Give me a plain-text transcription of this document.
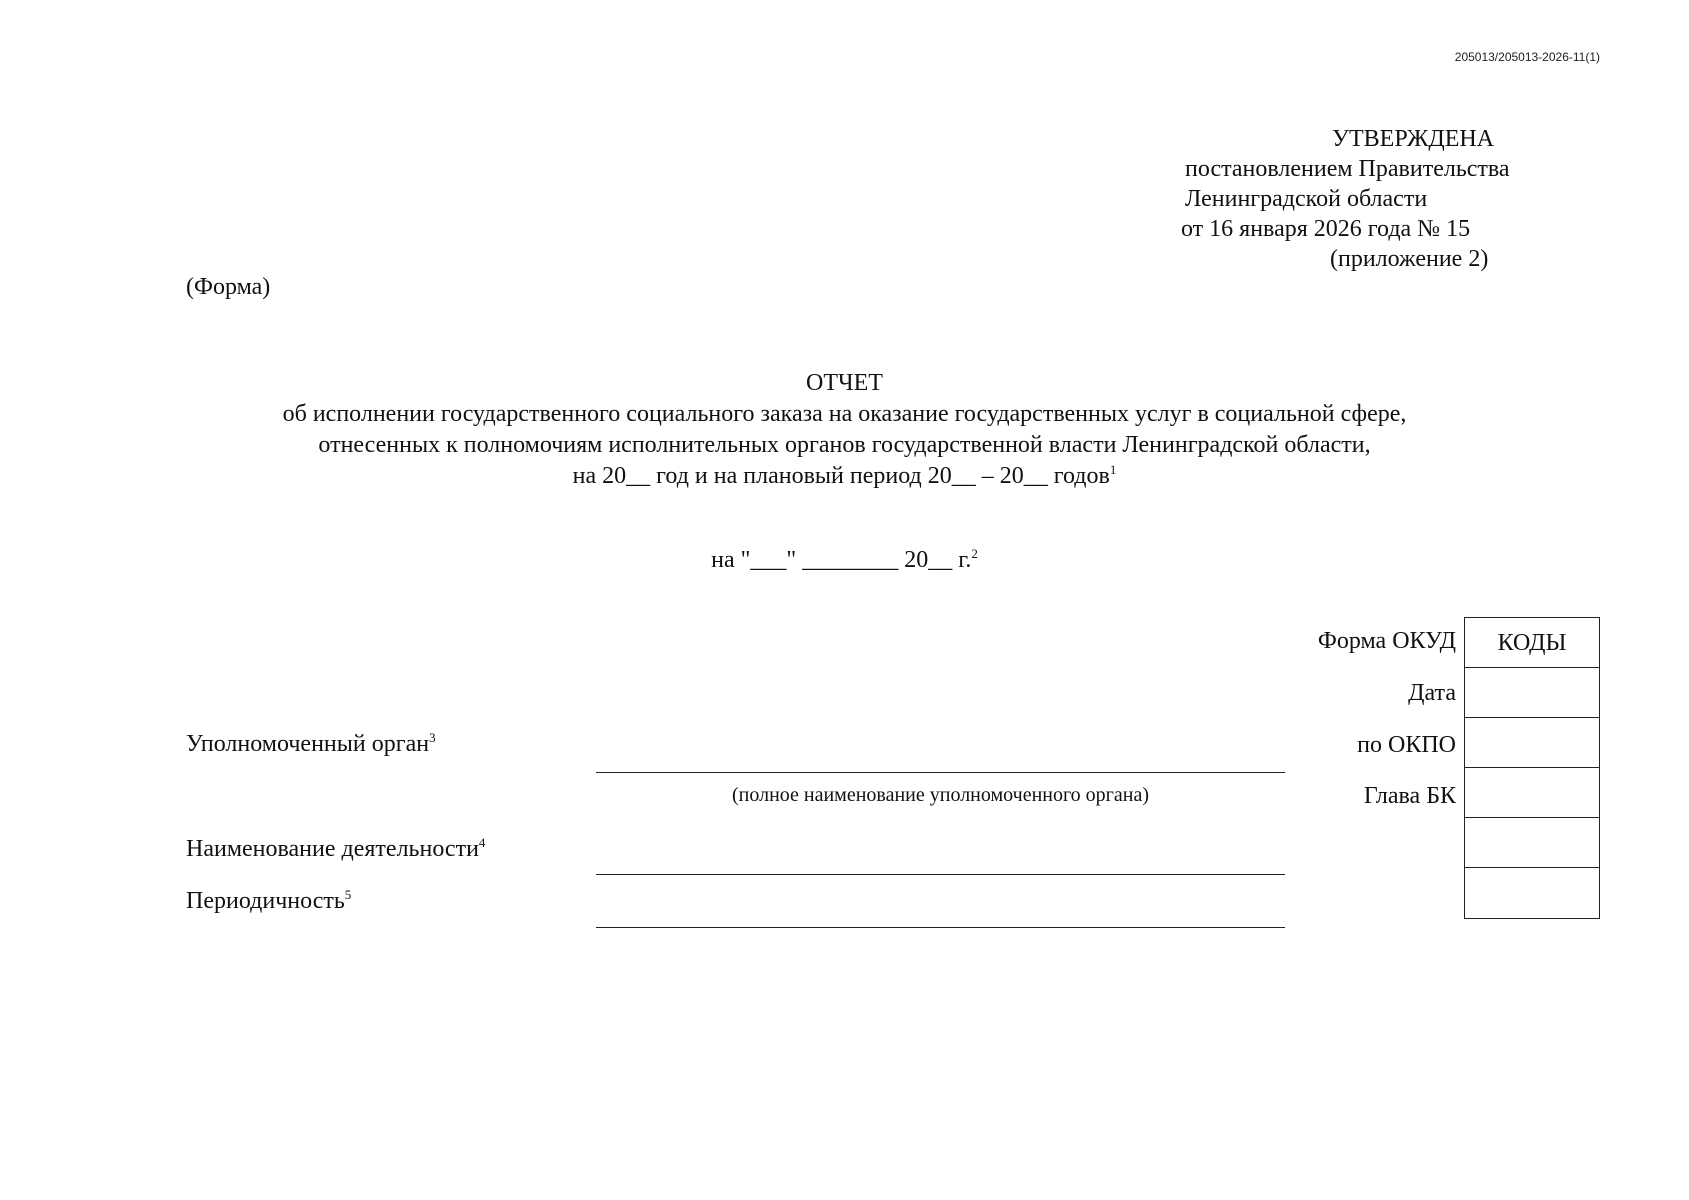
205013/205013-2026-11(1)
УТВЕРЖДЕНА
постановлением Правительства
Ленинградской области
от 16 января 2026 года № 15
(приложение 2)
(Форма)
ОТЧЕТ
об исполнении государственного социального заказа на оказание государственных услуг в социальной сфере,
отнесенных к полномочиям исполнительных органов государственной власти Ленинградской области,
на 20__ год и на плановый период 20__ – 20__ годов$^1$
на "___" ________ 20__ г.$^2$
КОДЫ
Форма ОКУД
Дата
по ОКПО
Глава БК
Уполномоченный орган$^3$
(полное наименование уполномоченного органа)
Наименование деятельности$^4$
Периодичность$^5$
